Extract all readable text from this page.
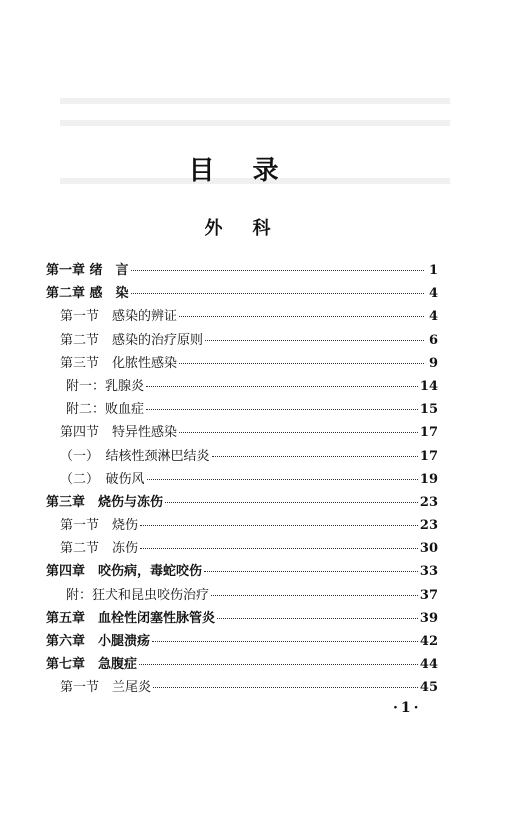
目录
外科
第一章 绪　言	1
第二章 感　染	4
第一节　感染的辨证	4
第二节　感染的治疗原则	6
第三节　化脓性感染	9
附一：乳腺炎	14
附二：败血症	15
第四节　特异性感染	17
（一）　结核性颈淋巴结炎	17
（二）　破伤风	19
第三章　烧伤与冻伤	23
第一节　烧伤	23
第二节　冻伤	30
第四章　咬伤病，毒蛇咬伤	33
附：狂犬和昆虫咬伤治疗	37
第五章　血栓性闭塞性脉管炎	39
第六章　小腿溃疡	42
第七章　急腹症	44
第一节　兰尾炎	45
·1·
